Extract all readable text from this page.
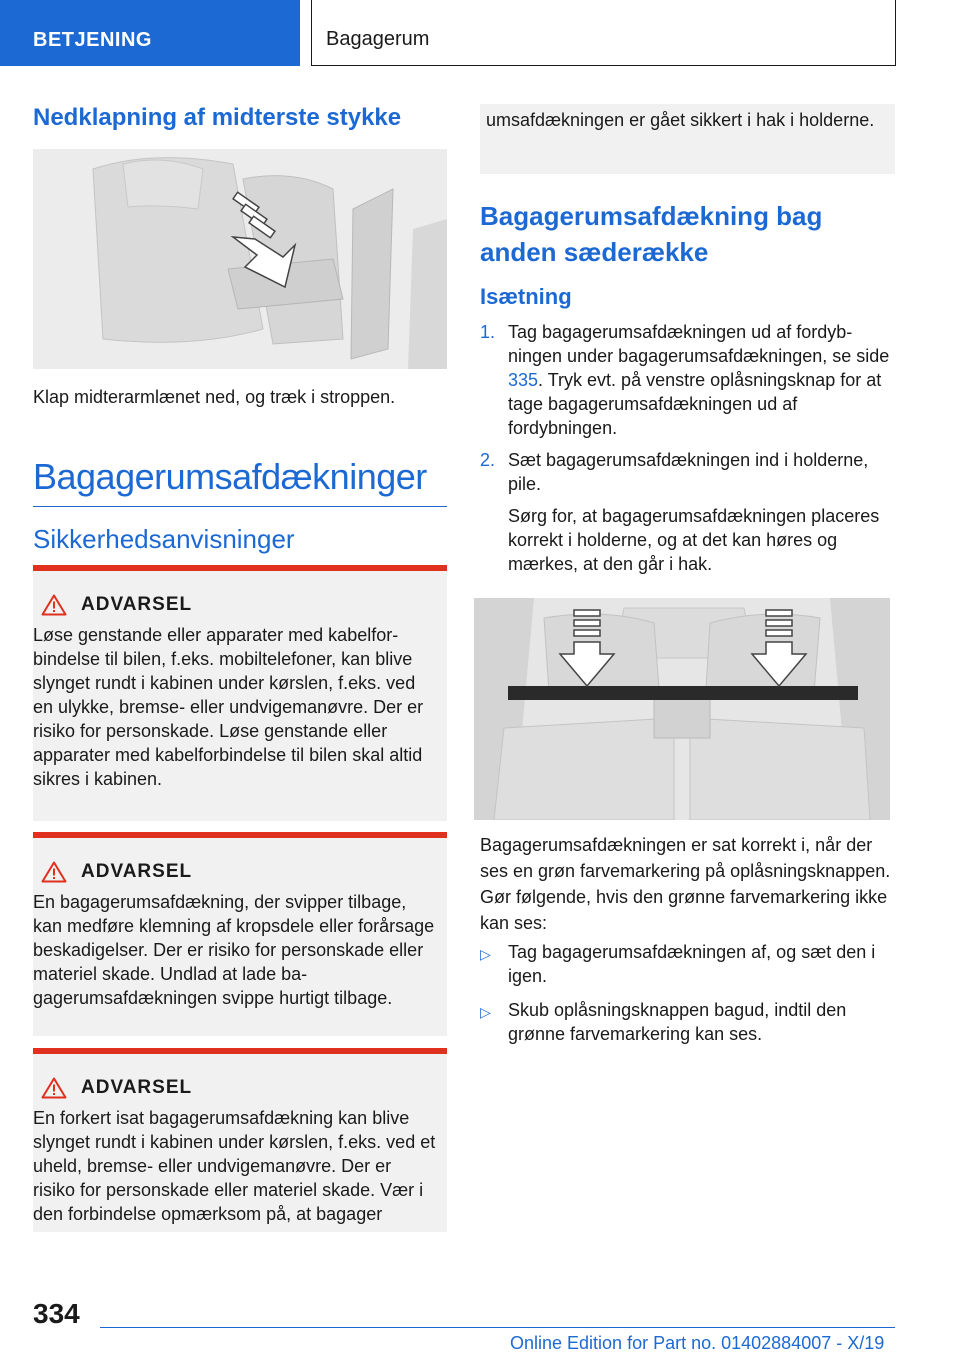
BETJENING	Bagagerum
Nedklapning af midterste stykke
Klap midterarmlænet ned, og træk i stroppen.
Bagagerumsafdækninger
Sikkerhedsanvisninger
ADVARSEL
Løse genstande eller apparater med kabelforbindelse til bilen, f.eks. mobiltelefoner, kan blive slynget rundt i kabinen under kørslen, f.eks. ved en ulykke, bremse- eller undvigemanøvre. Der er risiko for personskade. Løse genstande eller apparater med kabelforbindelse til bilen skal altid sikres i kabinen.
ADVARSEL
En bagagerumsafdækning, der svipper tilbage, kan medføre klemning af kropsdele eller forårsage beskadigelser. Der er risiko for personskade eller materiel skade. Undlad at lade bagagerumsafdækningen svippe hurtigt tilbage.
ADVARSEL
En forkert isat bagagerumsafdækning kan blive slynget rundt i kabinen under kørslen, f.eks. ved et uheld, bremse- eller undvigemanøvre. Der er risiko for personskade eller materiel skade. Vær i den forbindelse opmærksom på, at bagager
umsafdækningen er gået sikkert i hak i holderne.
Bagagerumsafdækning bag anden sæderække
Isætning
1. Tag bagagerumsafdækningen ud af fordybningen under bagagerumsafdækningen, se side 335. Tryk evt. på venstre oplåsningsknap for at tage bagagerumsafdækningen ud af fordybningen.
2. Sæt bagagerumsafdækningen ind i holderne, pile.
Sørg for, at bagagerumsafdækningen placeres korrekt i holderne, og at det kan høres og mærkes, at den går i hak.
Bagagerumsafdækningen er sat korrekt i, når der ses en grøn farvemarkering på oplåsningsknappen. Gør følgende, hvis den grønne farvemarkering ikke kan ses:
▷ Tag bagagerumsafdækningen af, og sæt den i igen.
▷ Skub oplåsningsknappen bagud, indtil den grønne farvemarkering kan ses.
334
Online Edition for Part no. 01402884007 - X/19
